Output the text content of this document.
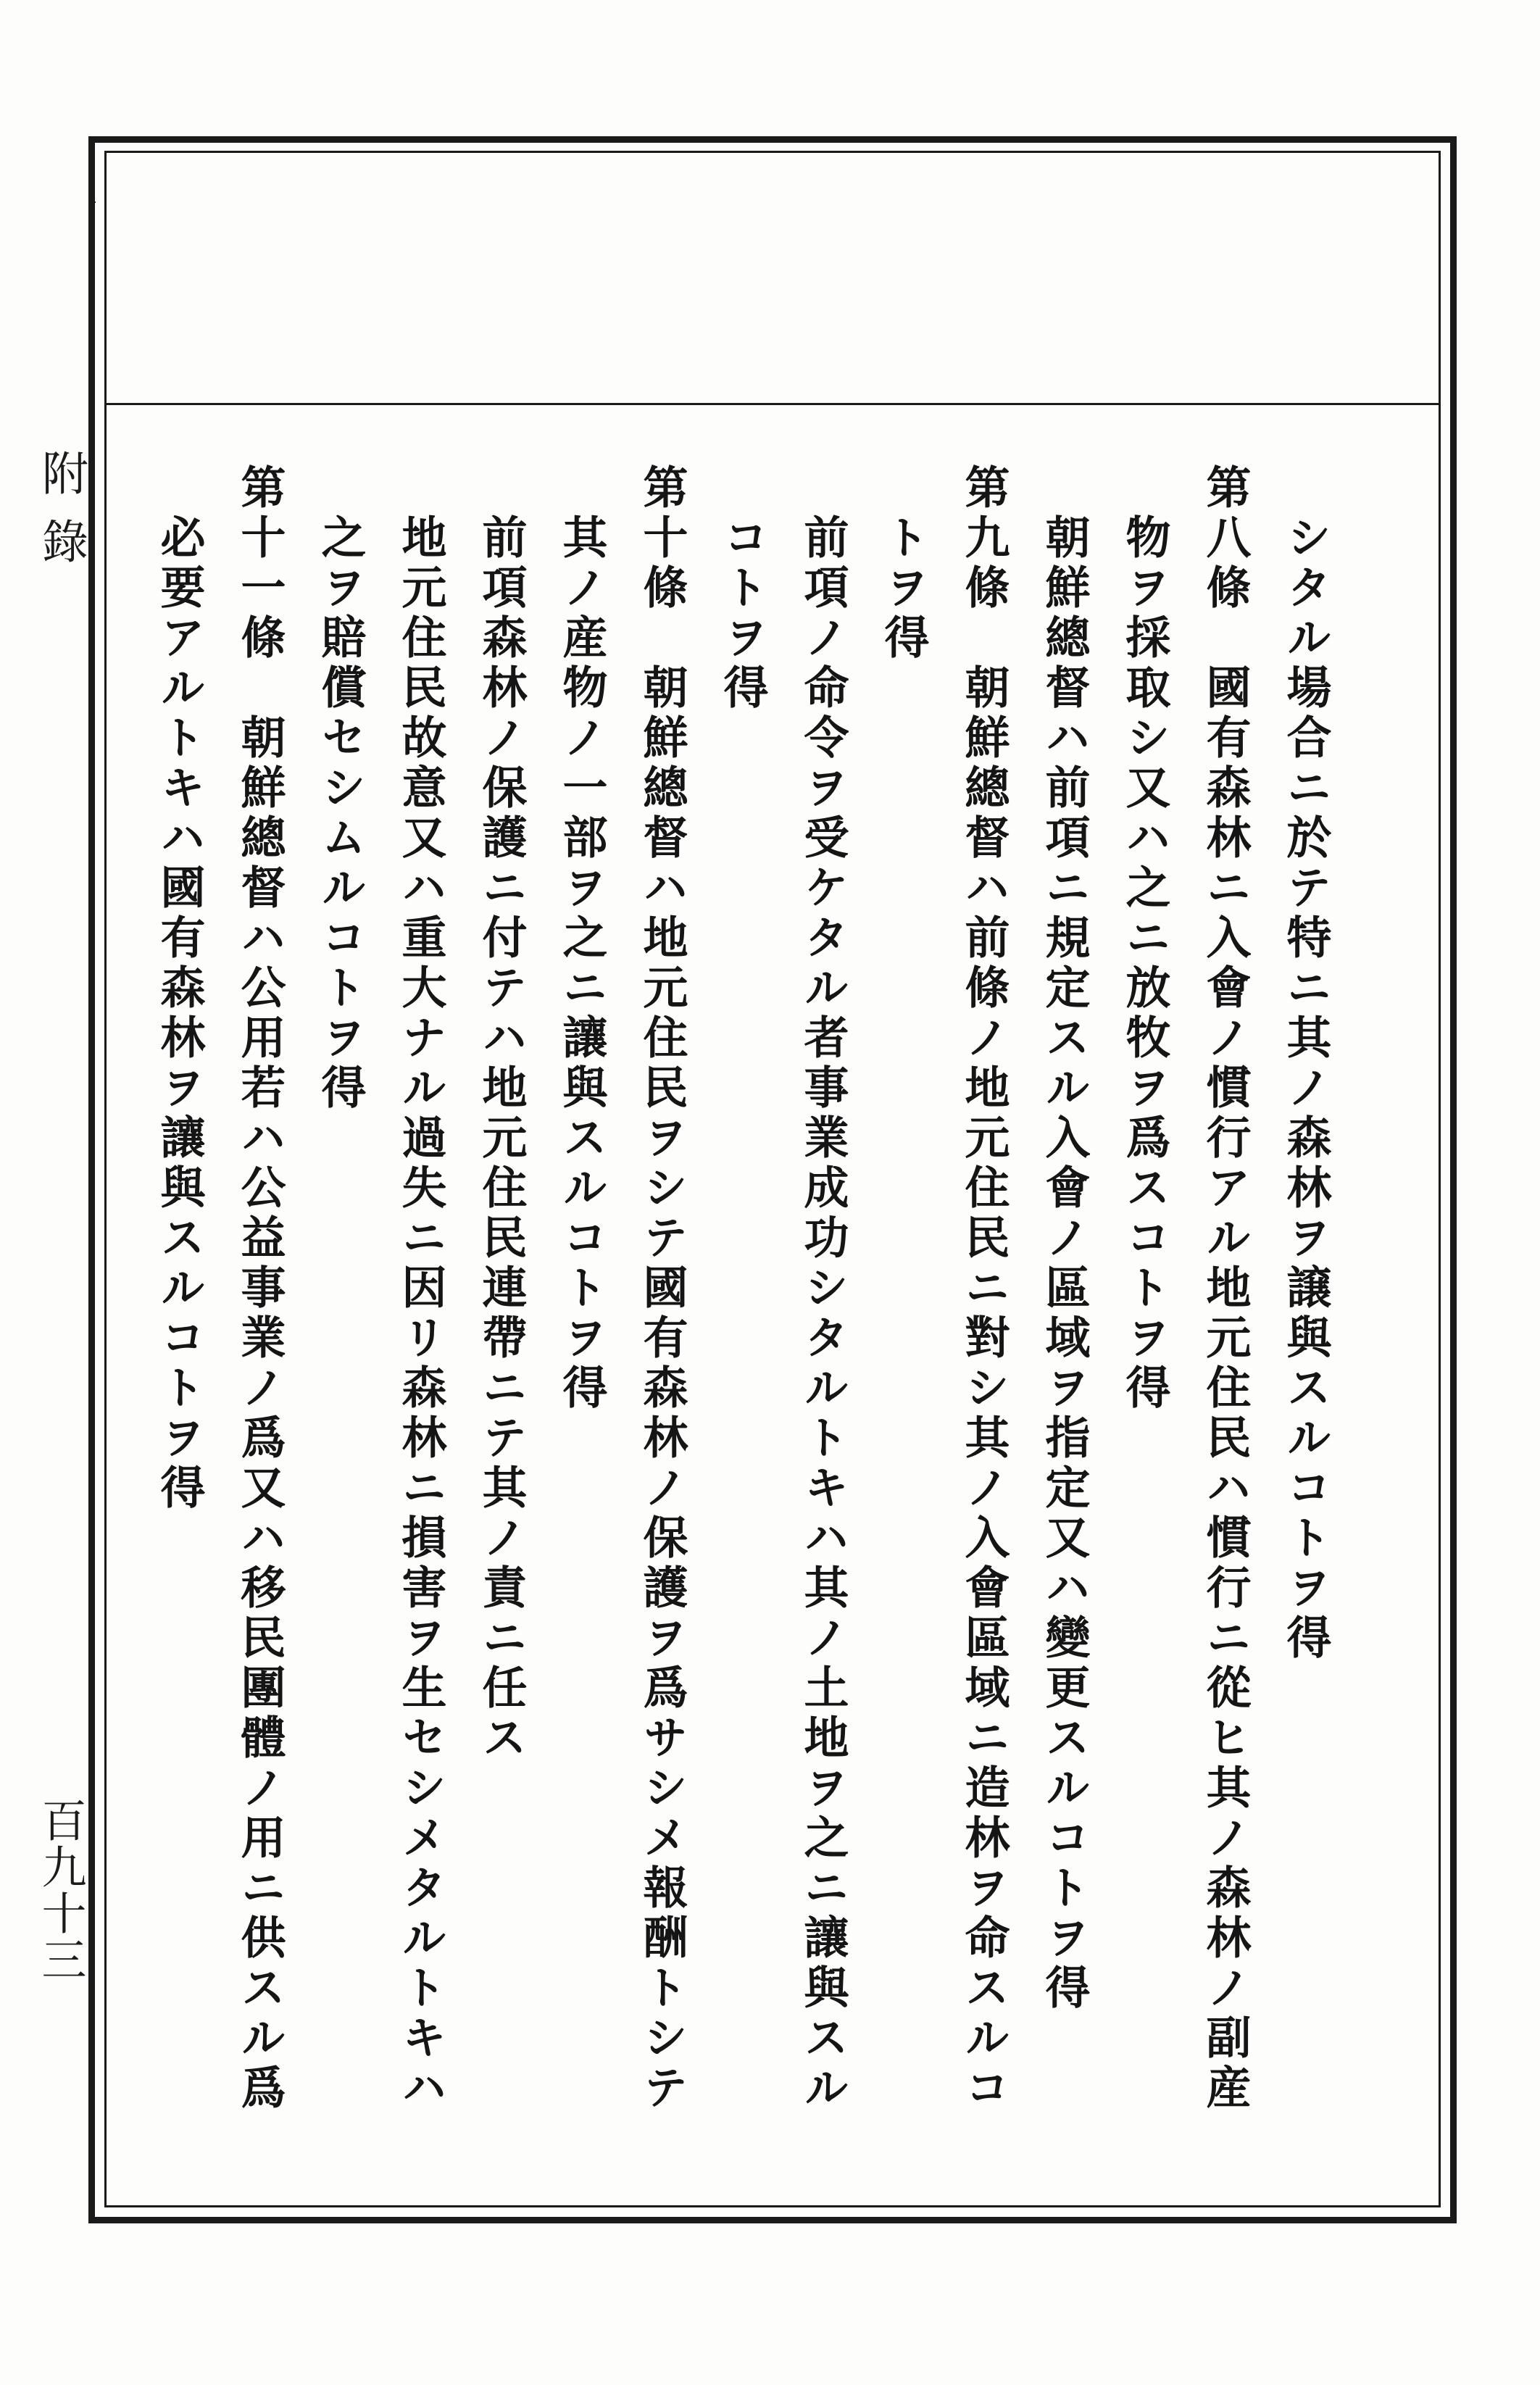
附錄
百九十三
シタル場合ニ於テ特ニ其ノ森林ヲ譲與スルコトヲ得
第八條　國有森林ニ入會ノ慣行アル地元住民ハ慣行ニ從ヒ其ノ森林ノ副産
物ヲ採取シ又ハ之ニ放牧ヲ爲スコトヲ得
朝鮮總督ハ前項ニ規定スル入會ノ區域ヲ指定又ハ變更スルコトヲ得
第九條　朝鮮總督ハ前條ノ地元住民ニ對シ其ノ入會區域ニ造林ヲ命スルコ
トヲ得
前項ノ命令ヲ受ケタル者事業成功シタルトキハ其ノ土地ヲ之ニ讓與スル
コトヲ得
第十條　朝鮮總督ハ地元住民ヲシテ國有森林ノ保護ヲ爲サシメ報酬トシテ
其ノ産物ノ一部ヲ之ニ讓與スルコトヲ得
前項森林ノ保護ニ付テハ地元住民連帶ニテ其ノ責ニ任ス
地元住民故意又ハ重大ナル過失ニ因リ森林ニ損害ヲ生セシメタルトキハ
之ヲ賠償セシムルコトヲ得
第十一條　朝鮮總督ハ公用若ハ公益事業ノ爲又ハ移民團體ノ用ニ供スル爲
必要アルトキハ國有森林ヲ讓與スルコトヲ得
